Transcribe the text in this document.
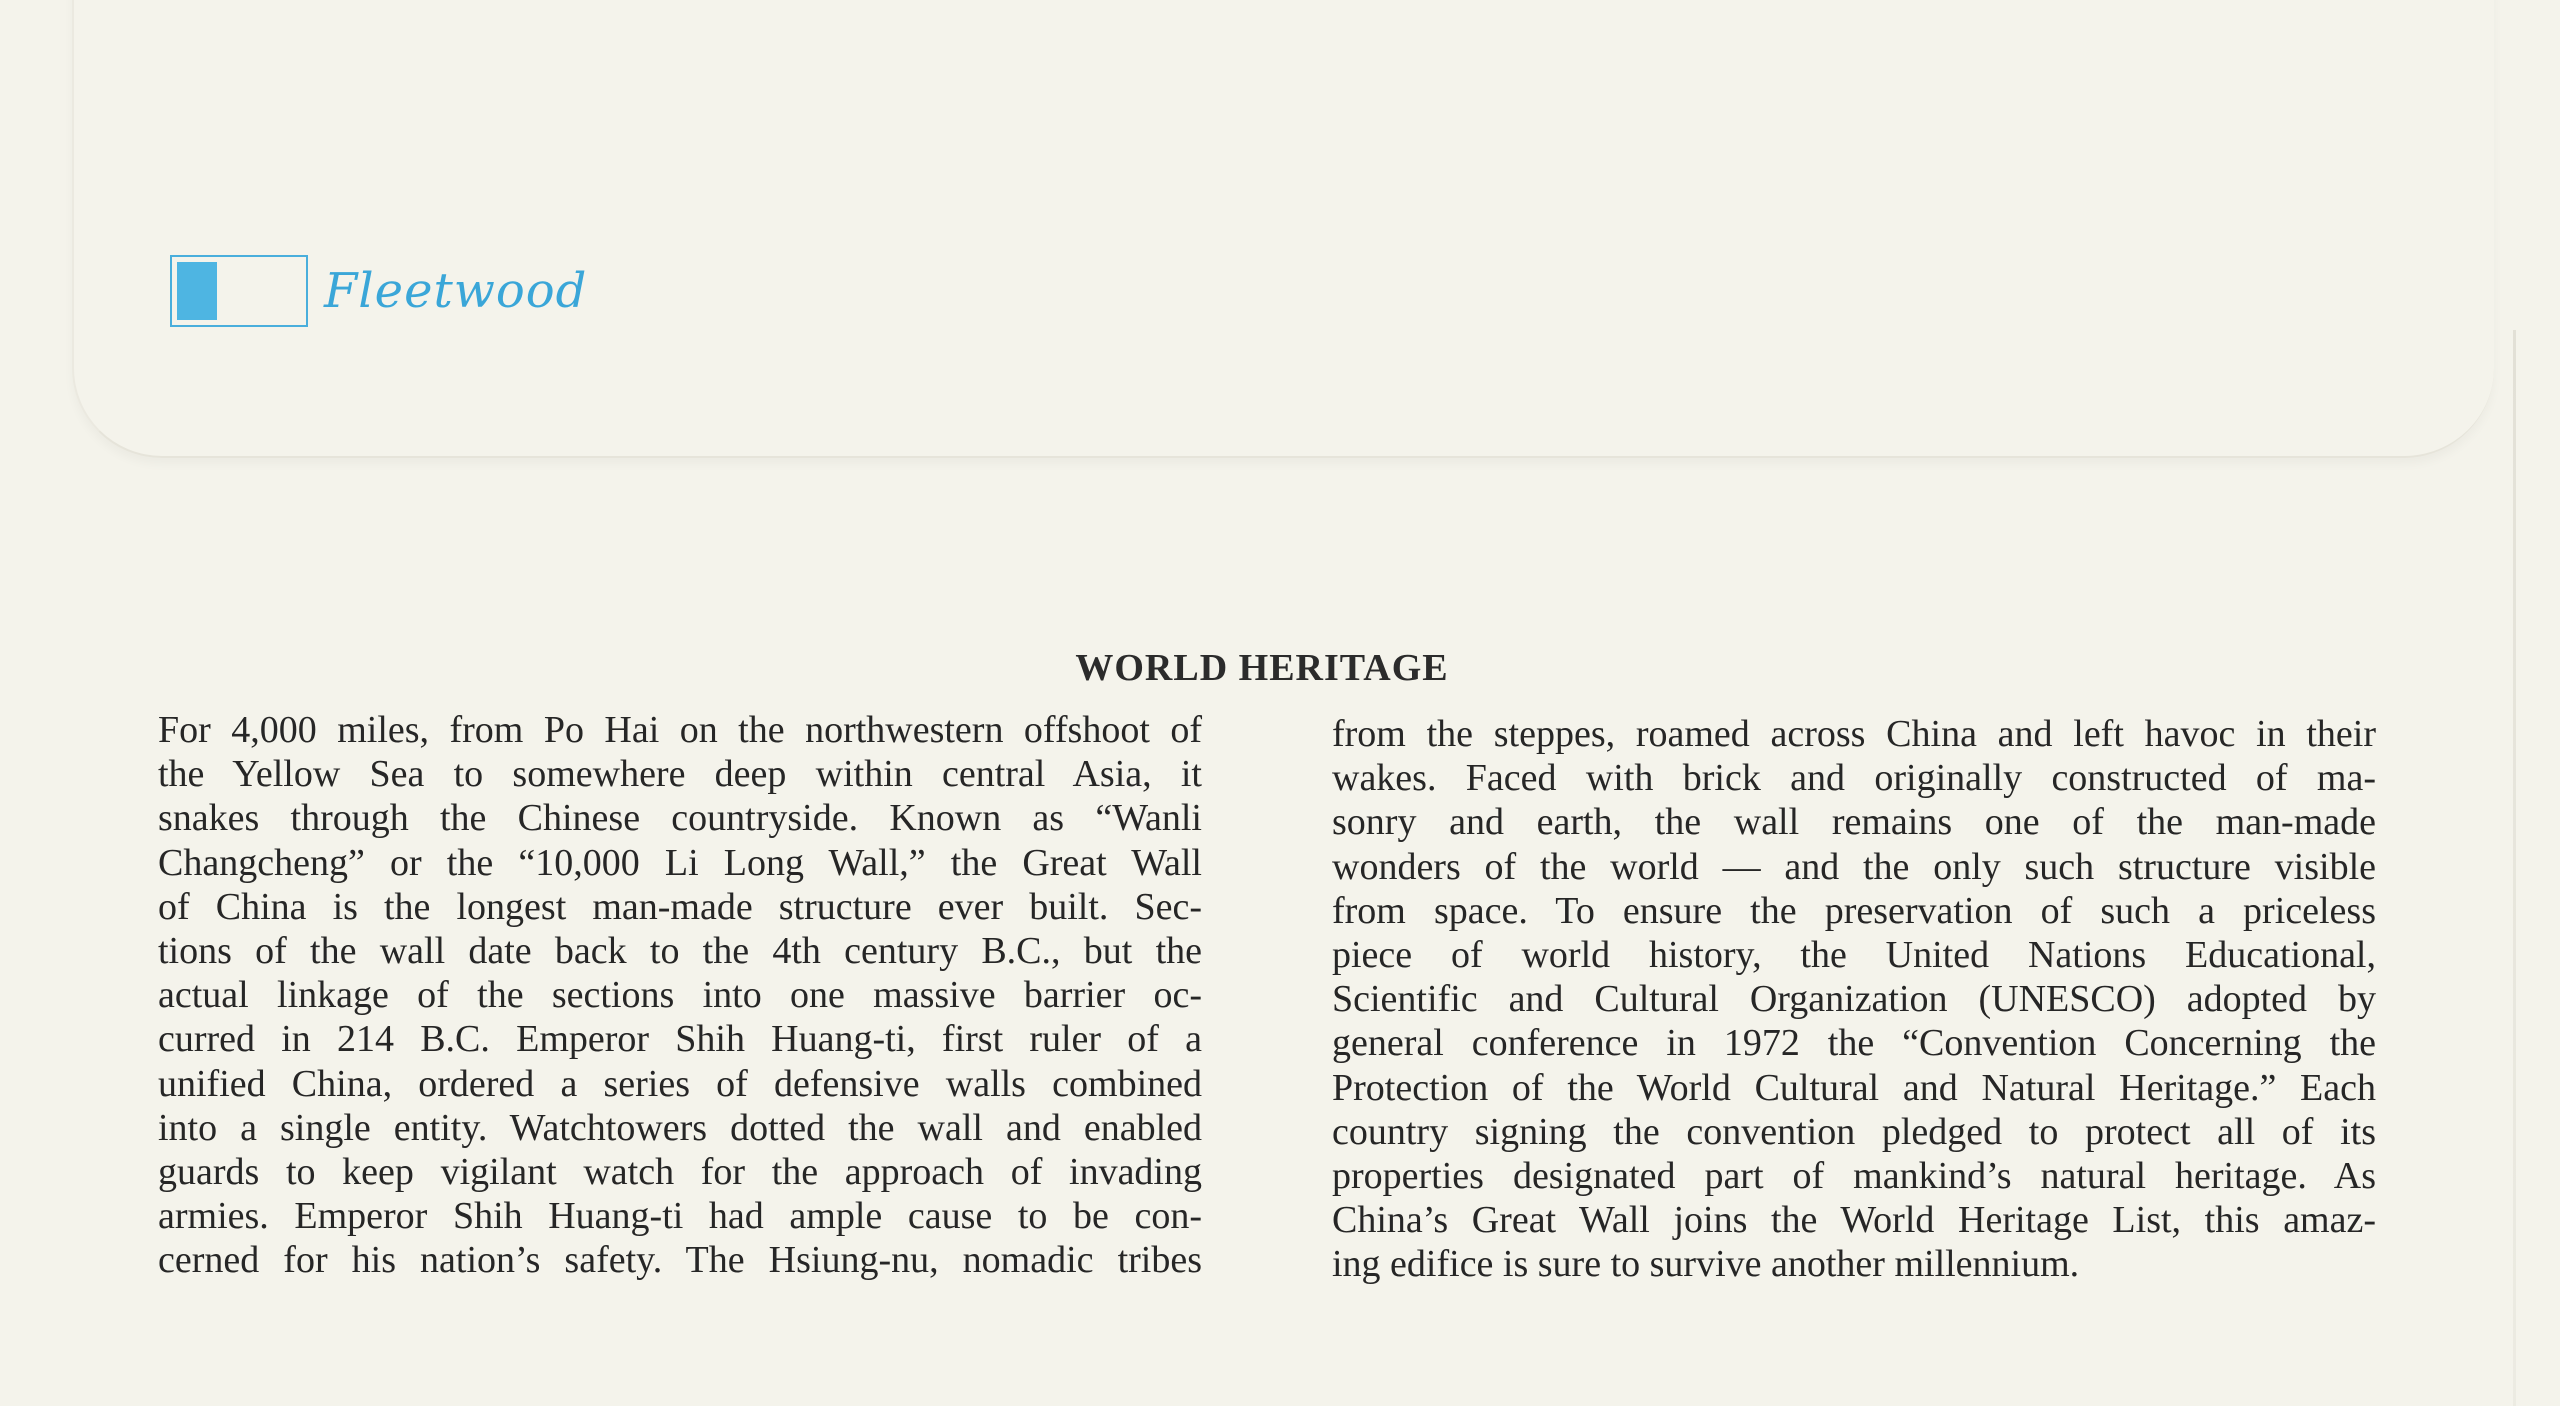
Fleetwood
WORLD HERITAGE

For 4,000 miles, from Po Hai on the northwestern offshoot of
the Yellow Sea to somewhere deep within central Asia, it
snakes through the Chinese countryside. Known as “Wanli
Changcheng” or the “10,000 Li Long Wall,” the Great Wall
of China is the longest man-made structure ever built. Sec-
tions of the wall date back to the 4th century B.C., but the
actual linkage of the sections into one massive barrier oc-
curred in 214 B.C. Emperor Shih Huang-ti, first ruler of a
unified China, ordered a series of defensive walls combined
into a single entity. Watchtowers dotted the wall and enabled
guards to keep vigilant watch for the approach of invading
armies. Emperor Shih Huang-ti had ample cause to be con-
cerned for his nation’s safety. The Hsiung-nu, nomadic tribes

from the steppes, roamed across China and left havoc in their
wakes. Faced with brick and originally constructed of ma-
sonry and earth, the wall remains one of the man-made
wonders of the world — and the only such structure visible
from space. To ensure the preservation of such a priceless
piece of world history, the United Nations Educational,
Scientific and Cultural Organization (UNESCO) adopted by
general conference in 1972 the “Convention Concerning the
Protection of the World Cultural and Natural Heritage.” Each
country signing the convention pledged to protect all of its
properties designated part of mankind’s natural heritage. As
China’s Great Wall joins the World Heritage List, this amaz-
ing edifice is sure to survive another millennium.
